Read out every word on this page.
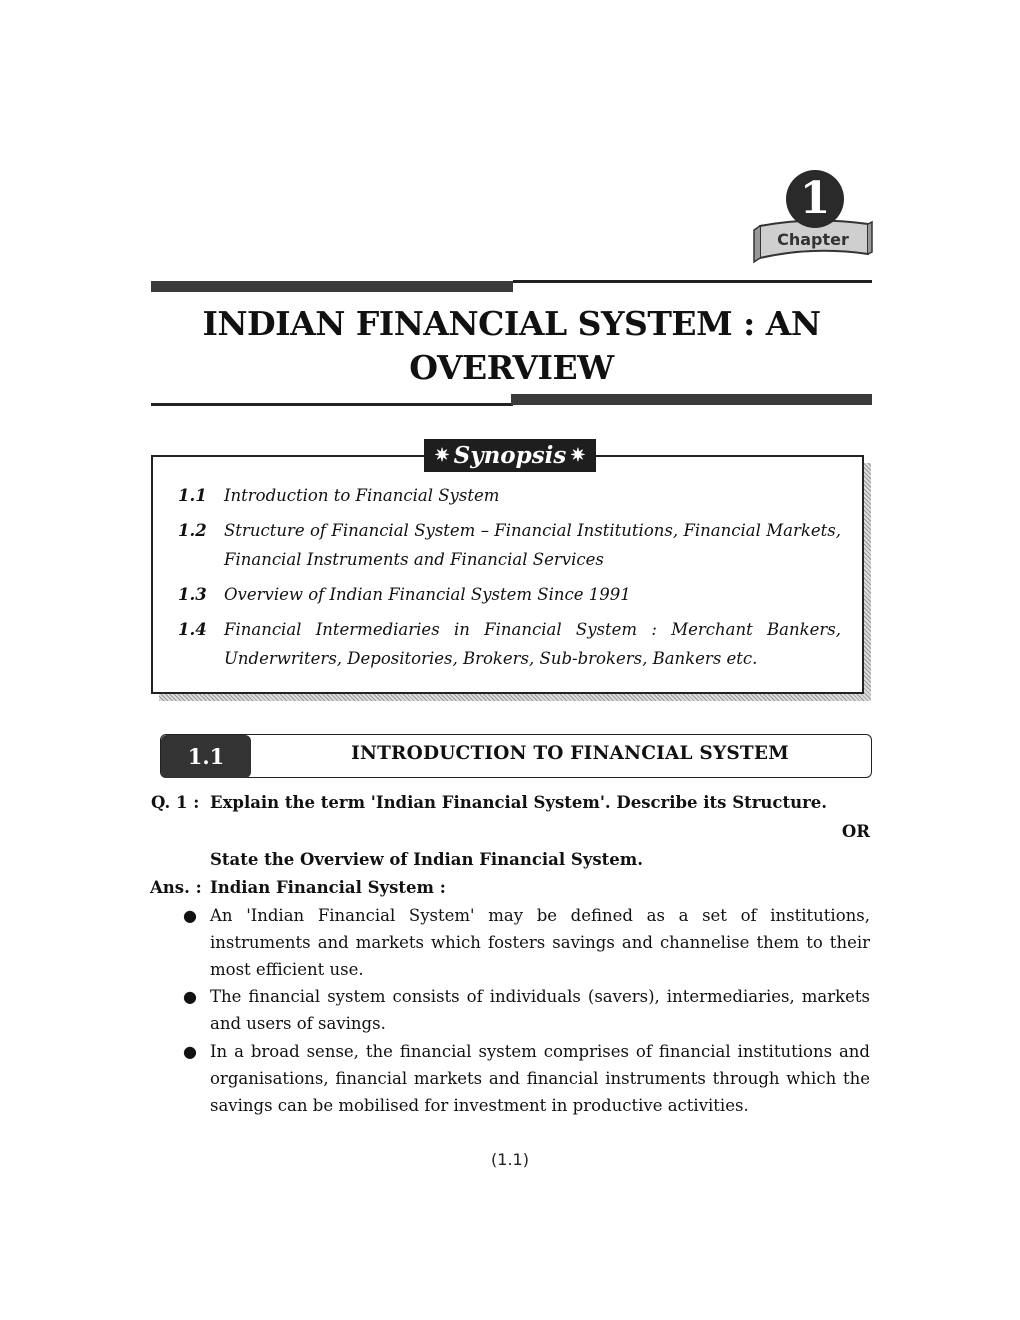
1
Chapter
INDIAN FINANCIAL SYSTEM : AN
OVERVIEW
✷ Synopsis ✷
1.1 Introduction to Financial System
1.2 Structure of Financial System – Financial Institutions, Financial Markets, Financial Instruments and Financial Services
1.3 Overview of Indian Financial System Since 1991
1.4 Financial Intermediaries in Financial System : Merchant Bankers, Underwriters, Depositories, Brokers, Sub-brokers, Bankers etc.
1.1	INTRODUCTION TO FINANCIAL SYSTEM
Q. 1 : Explain the term 'Indian Financial System'. Describe its Structure.
OR
State the Overview of Indian Financial System.
Ans. : Indian Financial System :
● An 'Indian Financial System' may be defined as a set of institutions, instruments and markets which fosters savings and channelise them to their most efficient use.
● The financial system consists of individuals (savers), intermediaries, markets and users of savings.
● In a broad sense, the financial system comprises of financial institutions and organisations, financial markets and financial instruments through which the savings can be mobilised for investment in productive activities.
(1.1)
